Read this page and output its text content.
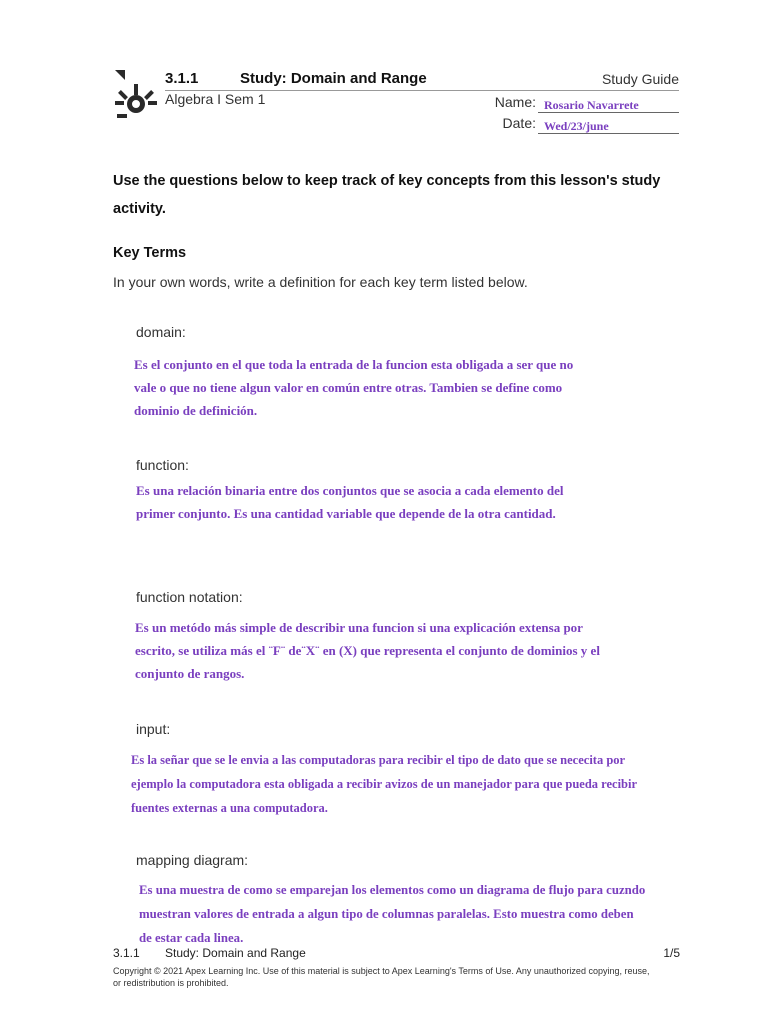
3.1.1	Study: Domain and Range
Algebra I Sem 1
Study Guide
Name: Rosario Navarrete
Date: Wed/23/june
Use the questions below to keep track of key concepts from this lesson's study activity.
Key Terms
In your own words, write a definition for each key term listed below.
domain:
Es el conjunto en el que toda la entrada de la funcion esta obligada a ser que no
vale o que no tiene algun valor en común entre otras. Tambien se define como
dominio de definición.
function:
Es una relación binaria entre dos conjuntos que se asocia a cada elemento del
primer conjunto. Es una cantidad variable que depende de la otra cantidad.
function notation:
Es un metódo más simple de describir una funcion si una explicación extensa por
escrito, se utiliza más el ¨F¨ de¨X¨ en (X) que representa el conjunto de dominios y el
conjunto de rangos.
input:
Es la señar que se le envia a las computadoras para recibir el tipo de dato que se nececita por
ejemplo la computadora esta obligada a recibir avizos de un manejador para que pueda recibir
fuentes externas a una computadora.
mapping diagram:
Es una muestra de como se emparejan los elementos como un diagrama de flujo para cuzndo
muestran valores de entrada a algun tipo de columnas paralelas. Esto muestra como deben
de estar cada linea.
3.1.1 Study: Domain and Range	1/5
Copyright © 2021 Apex Learning Inc. Use of this material is subject to Apex Learning's Terms of Use. Any unauthorized copying, reuse, or redistribution is prohibited.
